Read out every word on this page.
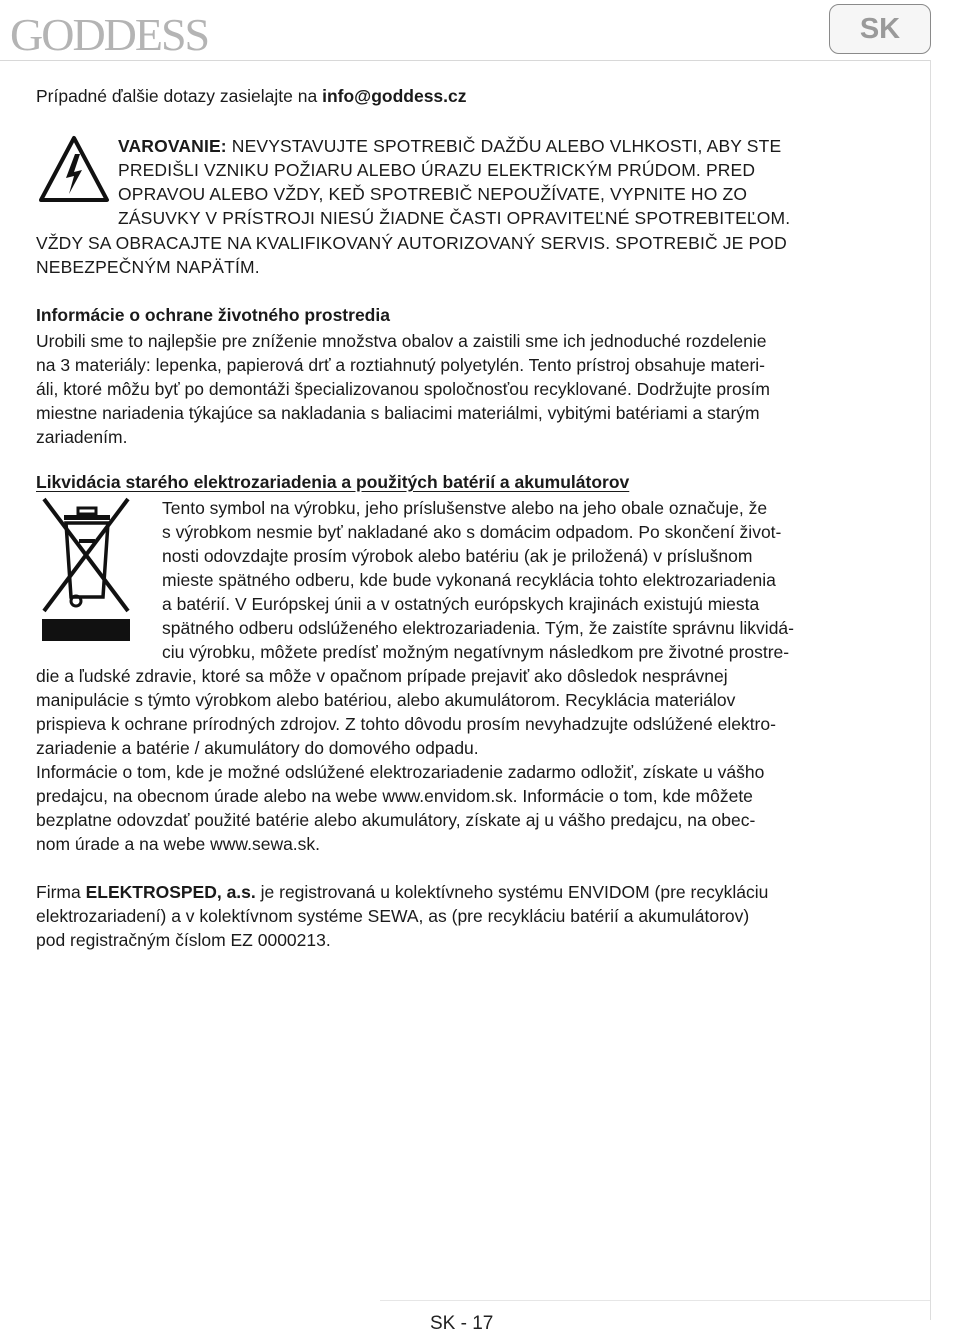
GODDESS	SK
Prípadné ďalšie dotazy zasielajte na info@goddess.cz
VAROVANIE: NEVYSTAVUJTE SPOTREBIČ DAŽĎU ALEBO VLHKOSTI, ABY STE
PREDIŠLI VZNIKU POŽIARU ALEBO ÚRAZU ELEKTRICKÝM PRÚDOM. PRED
OPRAVOU ALEBO VŽDY, KEĎ SPOTREBIČ NEPOUŽÍVATE, VYPNITE HO ZO
ZÁSUVKY V PRÍSTROJI NIESÚ ŽIADNE ČASTI OPRAVITEĽNÉ SPOTREBITEĽOM.
VŽDY SA OBRACAJTE NA KVALIFIKOVANÝ AUTORIZOVANÝ SERVIS. SPOTREBIČ JE POD
NEBEZPEČNÝM NAPÄTÍM.
Informácie o ochrane životného prostredia
Urobili sme to najlepšie pre zníženie množstva obalov a zaistili sme ich jednoduché rozdelenie
na 3 materiály: lepenka, papierová drť a roztiahnutý polyetylén. Tento prístroj obsahuje materi-
áli, ktoré môžu byť po demontáži špecializovanou spoločnosťou recyklované. Dodržujte prosím
miestne nariadenia týkajúce sa nakladania s baliacimi materiálmi, vybitými batériami a starým
zariadením.
Likvidácia starého elektrozariadenia a použitých batérií a akumulátorov
Tento symbol na výrobku, jeho príslušenstve alebo na jeho obale označuje, že
s výrobkom nesmie byť nakladané ako s domácim odpadom. Po skončení život-
nosti odovzdajte prosím výrobok alebo batériu (ak je priložená) v príslušnom
mieste spätného odberu, kde bude vykonaná recyklácia tohto elektrozariadenia
a batérií. V Európskej únii a v ostatných európskych krajinách existujú miesta
spätného odberu odslúženého elektrozariadenia. Tým, že zaistíte správnu likvidá-
ciu výrobku, môžete predísť možným negatívnym následkom pre životné prostre-
die a ľudské zdravie, ktoré sa môže v opačnom prípade prejaviť ako dôsledok nesprávnej
manipulácie s týmto výrobkom alebo batériou, alebo akumulátorom. Recyklácia materiálov
prispieva k ochrane prírodných zdrojov. Z tohto dôvodu prosím nevyhadzujte odslúžené elektro-
zariadenie a batérie / akumulátory do domového odpadu.
Informácie o tom, kde je možné odslúžené elektrozariadenie zadarmo odložiť, získate u vášho
predajcu, na obecnom úrade alebo na webe www.envidom.sk. Informácie o tom, kde môžete
bezplatne odovzdať použité batérie alebo akumulátory, získate aj u vášho predajcu, na obec-
nom úrade a na webe www.sewa.sk.
Firma ELEKTROSPED, a.s. je registrovaná u kolektívneho systému ENVIDOM (pre recykláciu
elektrozariadení) a v kolektívnom systéme SEWA, as (pre recykláciu batérií a akumulátorov)
pod registračným číslom EZ 0000213.
SK - 17
